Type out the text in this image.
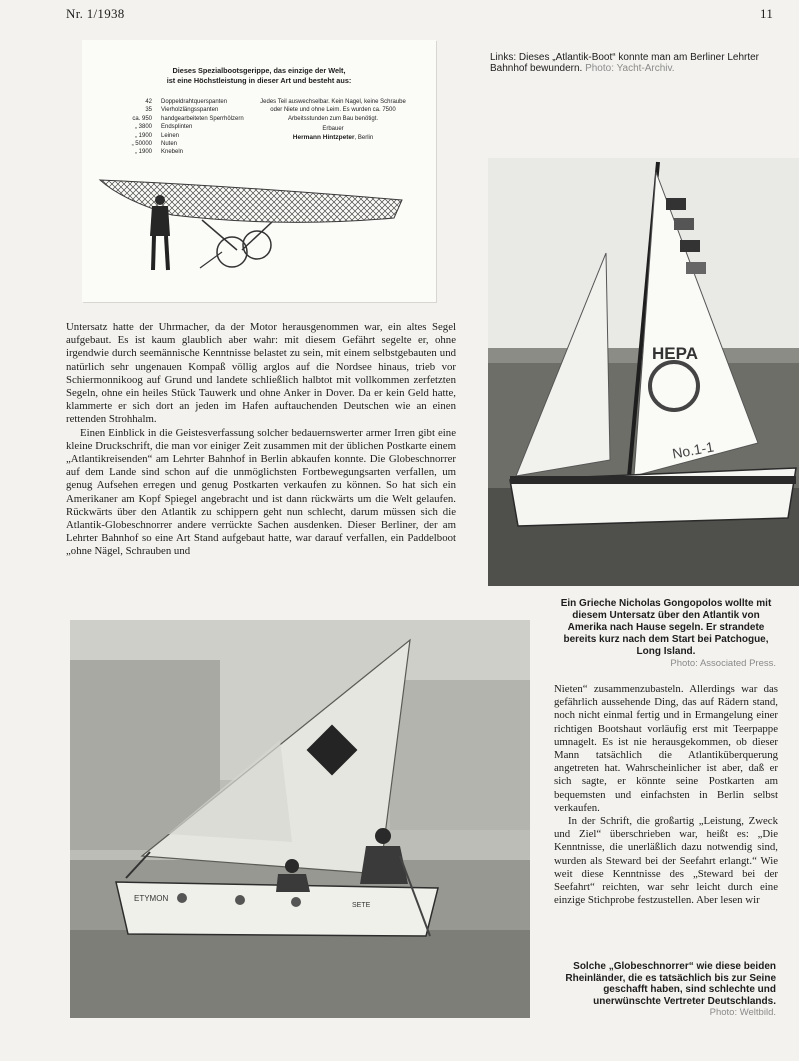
Nr. 1/1938	11
Dieses Spezialbootsgerippe, das einzige der Welt,
ist eine Höchstleistung in dieser Art und besteht aus:
42	Doppeldrahtquerspanten
35	Vierholzlängsspanten
ca. 950	handgearbeiteten Sperrhölzern
„ 3800	Endsplinten
„ 1900	Leinen
„ 50000	Nuten
„ 1900	Knebeln
Jedes Teil auswechselbar. Kein Nagel, keine Schraube oder Niete und ohne Leim. Es wurden ca. 7500 Arbeitsstunden zum Bau benötigt.
Erbauer
Hermann Hintzpeter, Berlin
Links: Dieses „Atlantik-Boot“ konnte man am Berliner Lehrter Bahnhof bewundern. Photo: Yacht-Archiv.
HEPA
No.1-1
Ein Grieche Nicholas Gongopolos wollte mit diesem Untersatz über den Atlantik von Amerika nach Hause segeln. Er strandete bereits kurz nach dem Start bei Patchogue, Long Island.
Photo: Associated Press.

Untersatz hatte der Uhrmacher, da der Motor herausgenommen war, ein altes Segel aufgebaut. Es ist kaum glaublich aber wahr: mit diesem Gefährt segelte er, ohne irgendwie durch seemännische Kenntnisse belastet zu sein, mit einem selbstgebauten und natürlich sehr ungenauen Kompaß völlig arglos auf die Nordsee hinaus, trieb vor Schiermonnikoog auf Grund und landete schließlich halbtot mit vollkommen zerfetzten Segeln, ohne ein heiles Stück Tauwerk und ohne Anker in Dover. Da er kein Geld hatte, klammerte er sich dort an jeden im Hafen auftauchenden Deutschen wie an einen rettenden Strohhalm.

Einen Einblick in die Geistesverfassung solcher bedauernswerter armer Irren gibt eine kleine Druckschrift, die man vor einiger Zeit zusammen mit der üblichen Postkarte einem „Atlantikreisenden“ am Lehrter Bahnhof in Berlin abkaufen konnte. Die Globeschnorrer auf dem Lande sind schon auf die unmöglichsten Fortbewegungsarten verfallen, um genug Aufsehen erregen und genug Postkarten verkaufen zu können. So hat sich ein Amerikaner am Kopf Spiegel angebracht und ist dann rückwärts um die Welt gelaufen. Rückwärts über den Atlantik zu schippern geht nun schlecht, darum müssen sich die Atlantik-Globeschnorrer andere verrückte Sachen ausdenken. Dieser Berliner, der am Lehrter Bahnhof so eine Art Stand aufgebaut hatte, war darauf verfallen, ein Paddelboot „ohne Nägel, Schrauben und

ETYMON
SETE

Nieten“ zusammenzubasteln. Allerdings war das gefährlich aussehende Ding, das auf Rädern stand, noch nicht einmal fertig und in Ermangelung einer richtigen Bootshaut vorläufig erst mit Teerpappe umnagelt. Es ist nie herausgekommen, ob dieser Mann tatsächlich die Atlantiküberquerung angetreten hat. Wahrscheinlicher ist aber, daß er sich sagte, er könnte seine Postkarten am bequemsten und einfachsten in Berlin selbst verkaufen.

In der Schrift, die großartig „Leistung, Zweck und Ziel“ überschrieben war, heißt es: „Die Kenntnisse, die unerläßlich dazu notwendig sind, wurden als Steward bei der Seefahrt erlangt.“ Wie weit diese Kenntnisse des „Steward bei der Seefahrt“ reichten, war sehr leicht durch eine einzige Stichprobe festzustellen. Aber lesen wir

Solche „Globeschnorrer“ wie diese beiden Rheinländer, die es tatsächlich bis zur Seine geschafft haben, sind schlechte und unerwünschte Vertreter Deutschlands.
Photo: Weltbild.
